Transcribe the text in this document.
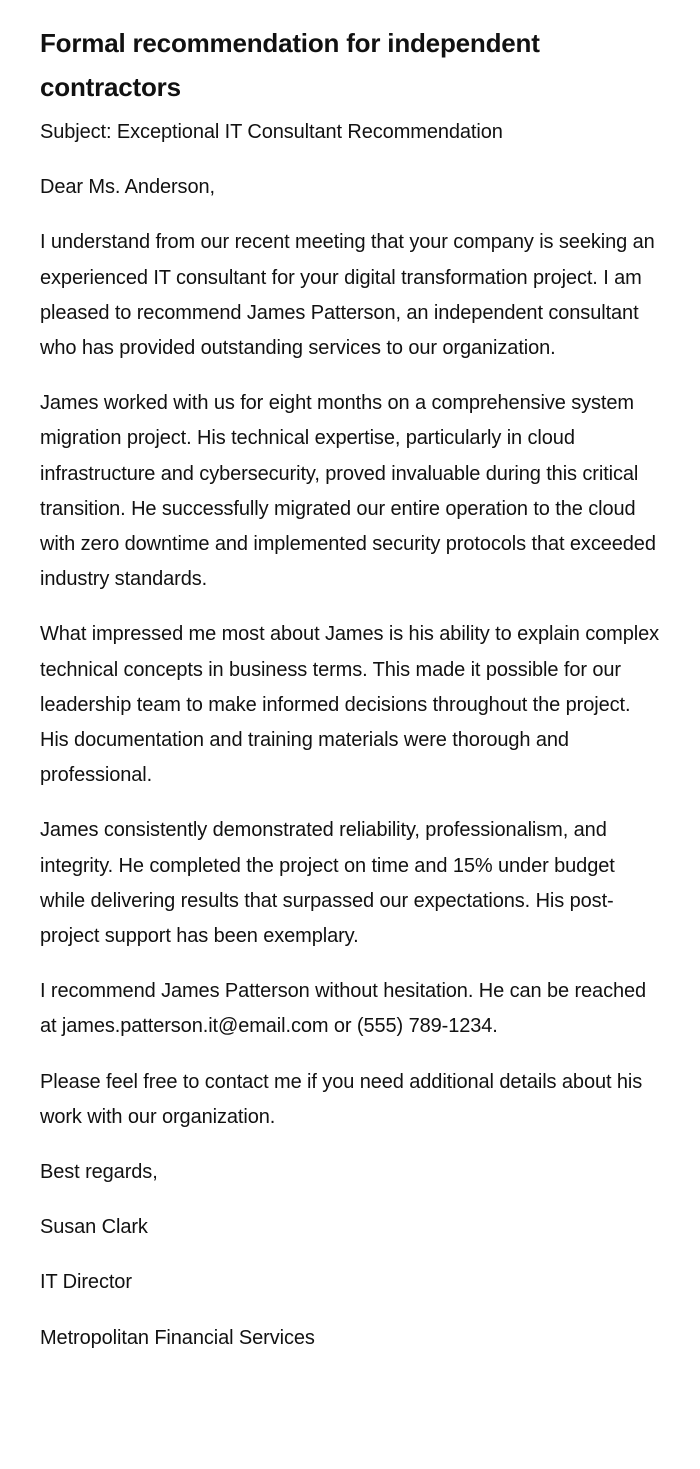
Formal recommendation for independent contractors

Subject: Exceptional IT Consultant Recommendation

Dear Ms. Anderson,

I understand from our recent meeting that your company is seeking an experienced IT consultant for your digital transformation project. I am pleased to recommend James Patterson, an independent consultant who has provided outstanding services to our organization.

James worked with us for eight months on a comprehensive system migration project. His technical expertise, particularly in cloud infrastructure and cybersecurity, proved invaluable during this critical transition. He successfully migrated our entire operation to the cloud with zero downtime and implemented security protocols that exceeded industry standards.

What impressed me most about James is his ability to explain complex technical concepts in business terms. This made it possible for our leadership team to make informed decisions throughout the project. His documentation and training materials were thorough and professional.

James consistently demonstrated reliability, professionalism, and integrity. He completed the project on time and 15% under budget while delivering results that surpassed our expectations. His post-project support has been exemplary.

I recommend James Patterson without hesitation. He can be reached at james.patterson.it@email.com or (555) 789-1234.

Please feel free to contact me if you need additional details about his work with our organization.

Best regards,

Susan Clark

IT Director

Metropolitan Financial Services
